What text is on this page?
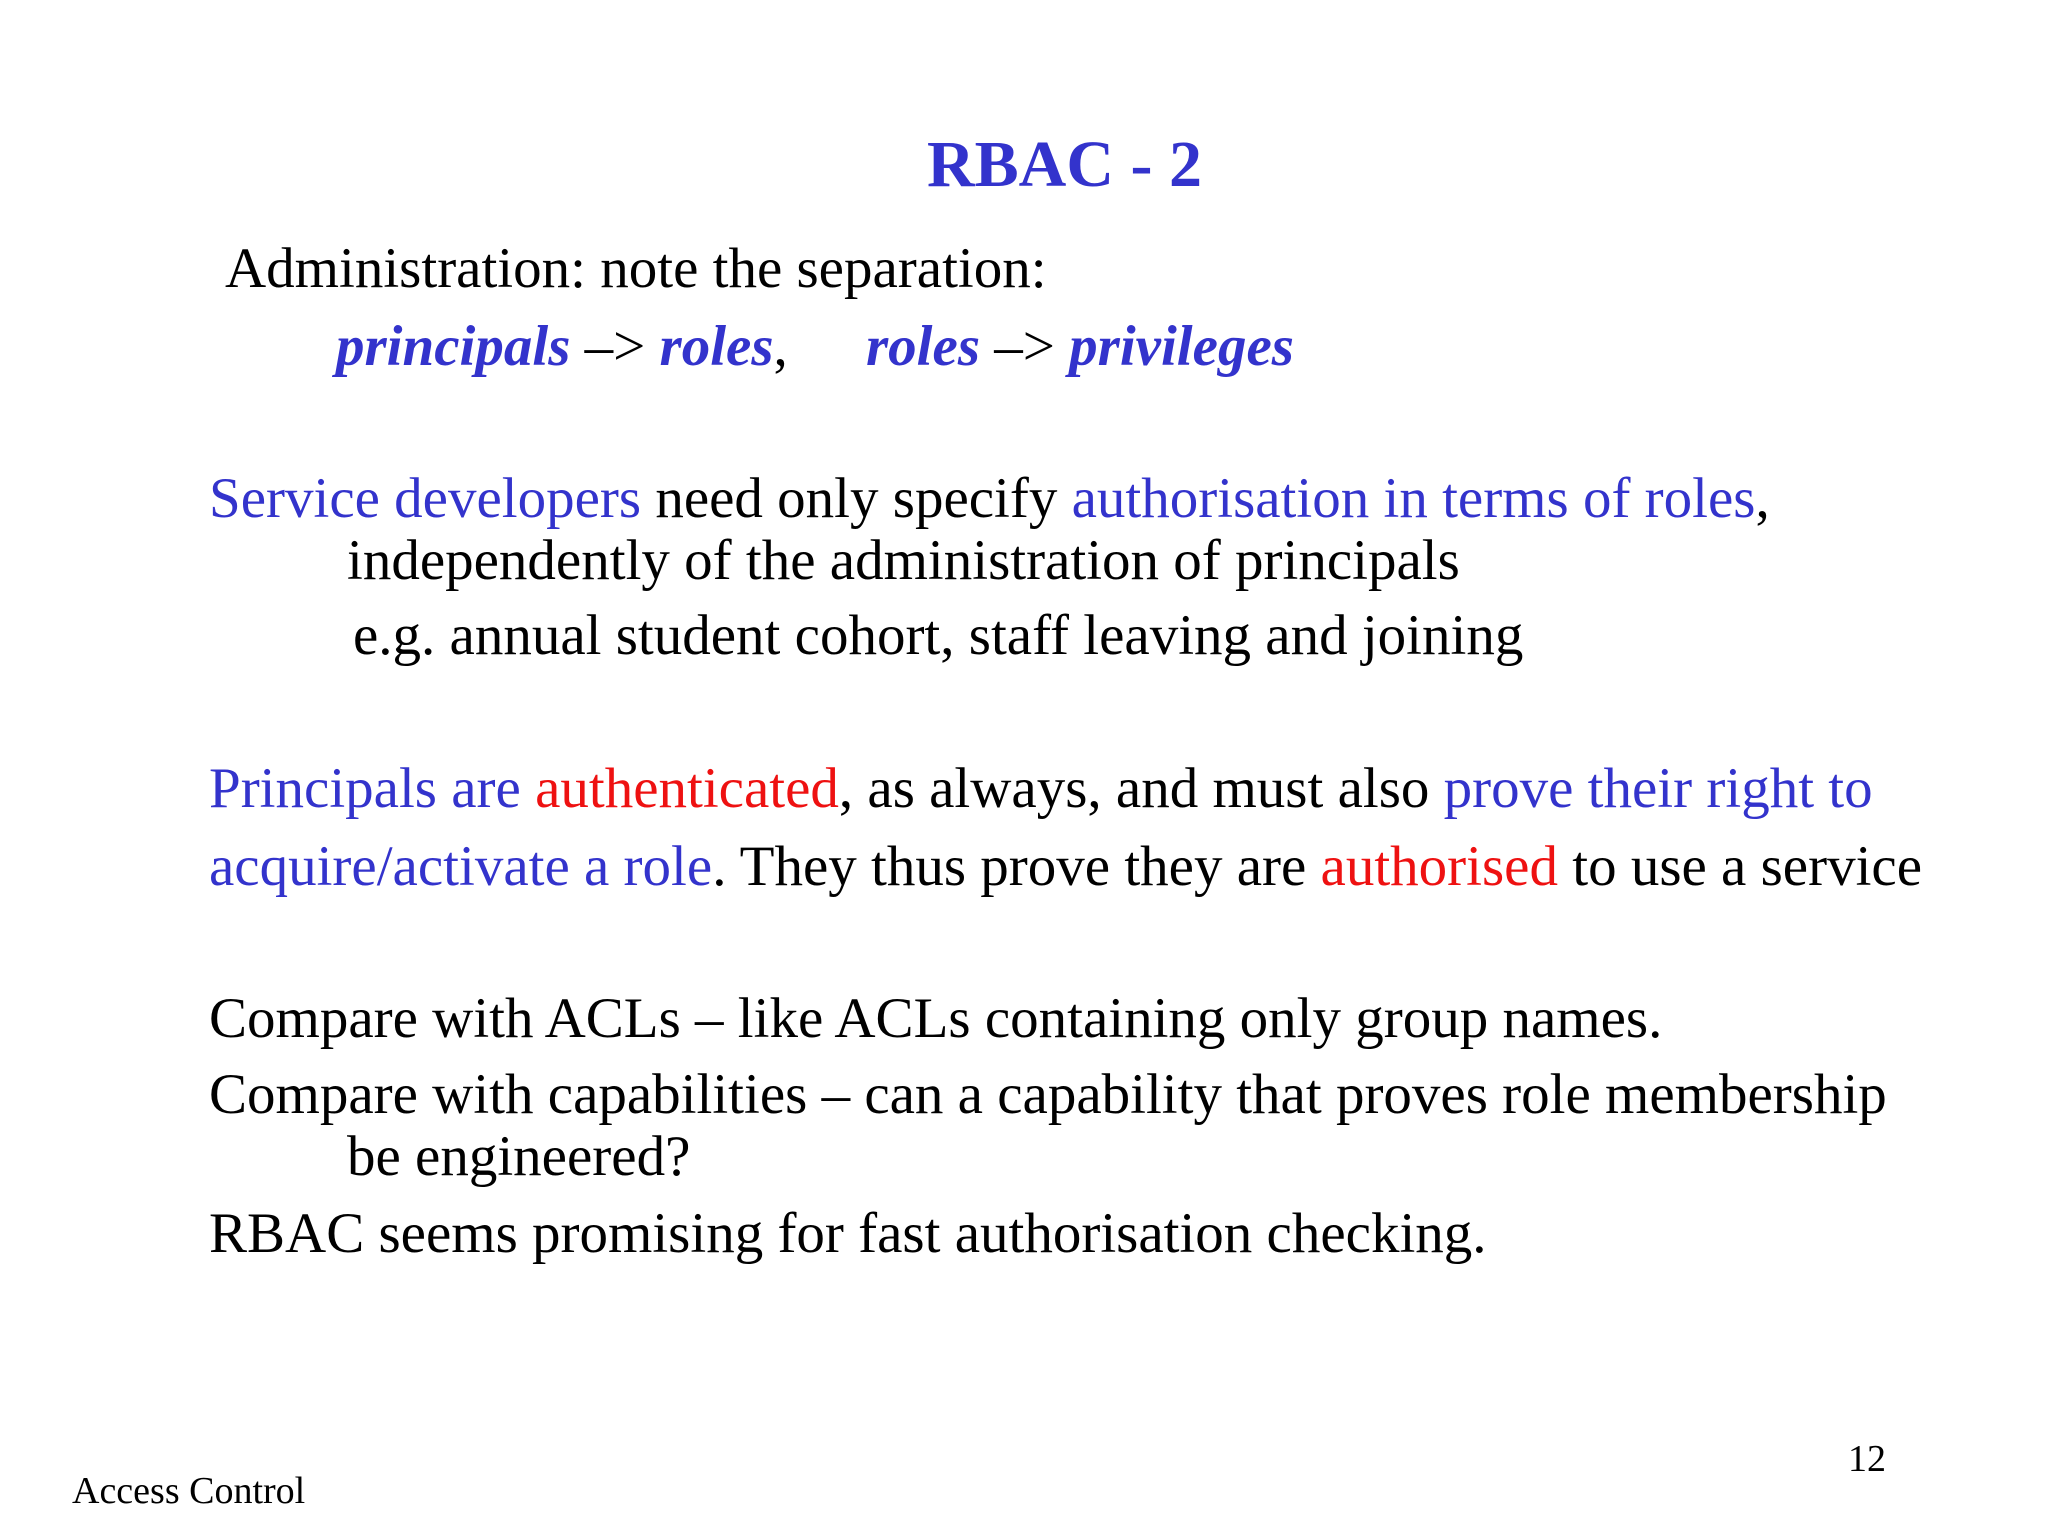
RBAC - 2

Administration: note the separation:

principals –> roles, roles –> privileges

Service developers need only specify authorisation in terms of roles,

independently of the administration of principals

e.g. annual student cohort, staff leaving and joining

Principals are authenticated, as always, and must also prove their right to

acquire/activate a role. They thus prove they are authorised to use a service

Compare with ACLs – like ACLs containing only group names.

Compare with capabilities – can a capability that proves role membership

be engineered?

RBAC seems promising for fast authorisation checking.

Access Control

12
